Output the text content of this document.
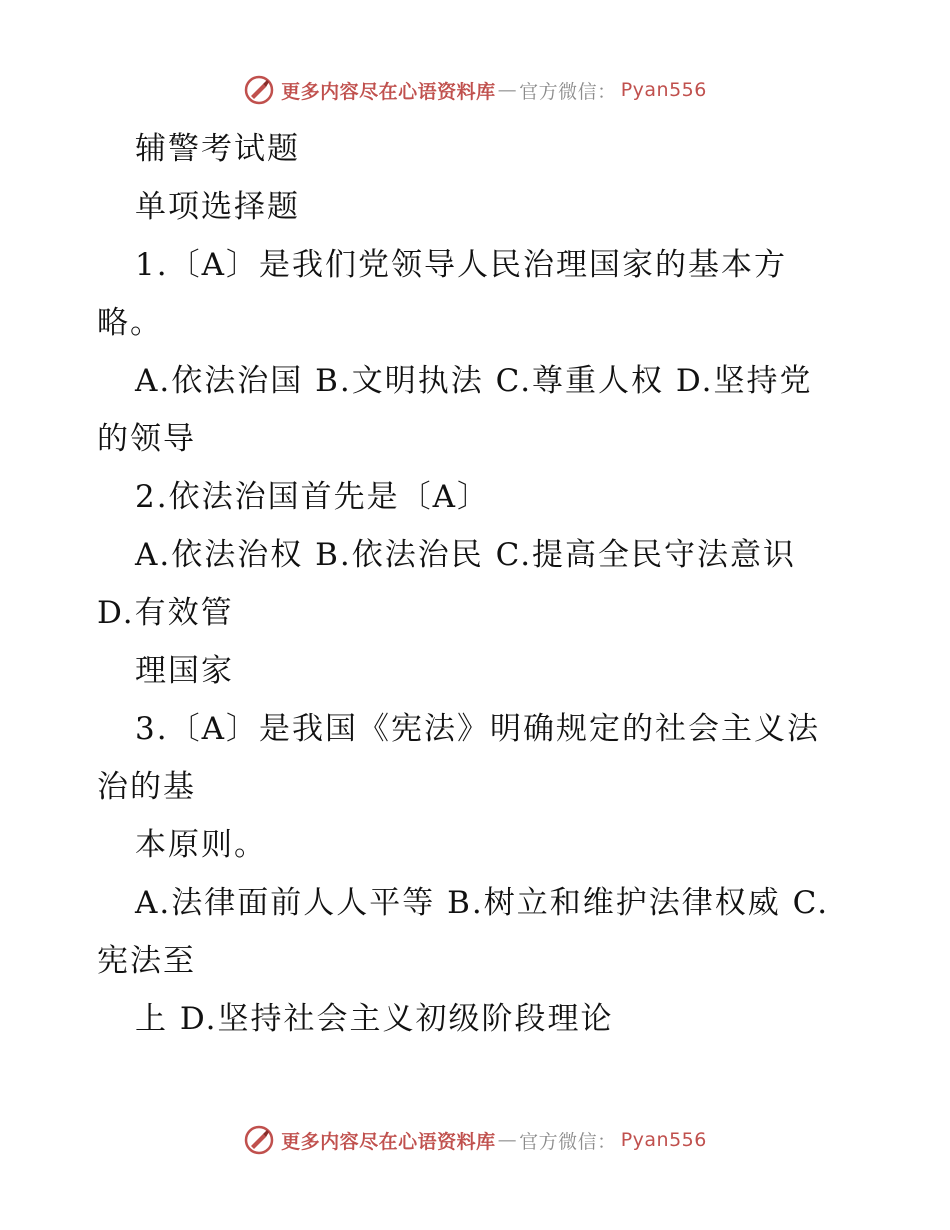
更多内容尽在心语资料库 — 官方微信： Pyan556
辅警考试题
单项选择题
1.〔A〕是我们党领导人民治理国家的基本方
略。
A.依法治国 B.文明执法 C.尊重人权 D.坚持党
的领导
2.依法治国首先是〔A〕
A.依法治权 B.依法治民 C.提高全民守法意识
D.有效管
理国家
3.〔A〕是我国《宪法》明确规定的社会主义法
治的基
本原则。
A.法律面前人人平等 B.树立和维护法律权威 C.
宪法至
上 D.坚持社会主义初级阶段理论
更多内容尽在心语资料库 — 官方微信： Pyan556
